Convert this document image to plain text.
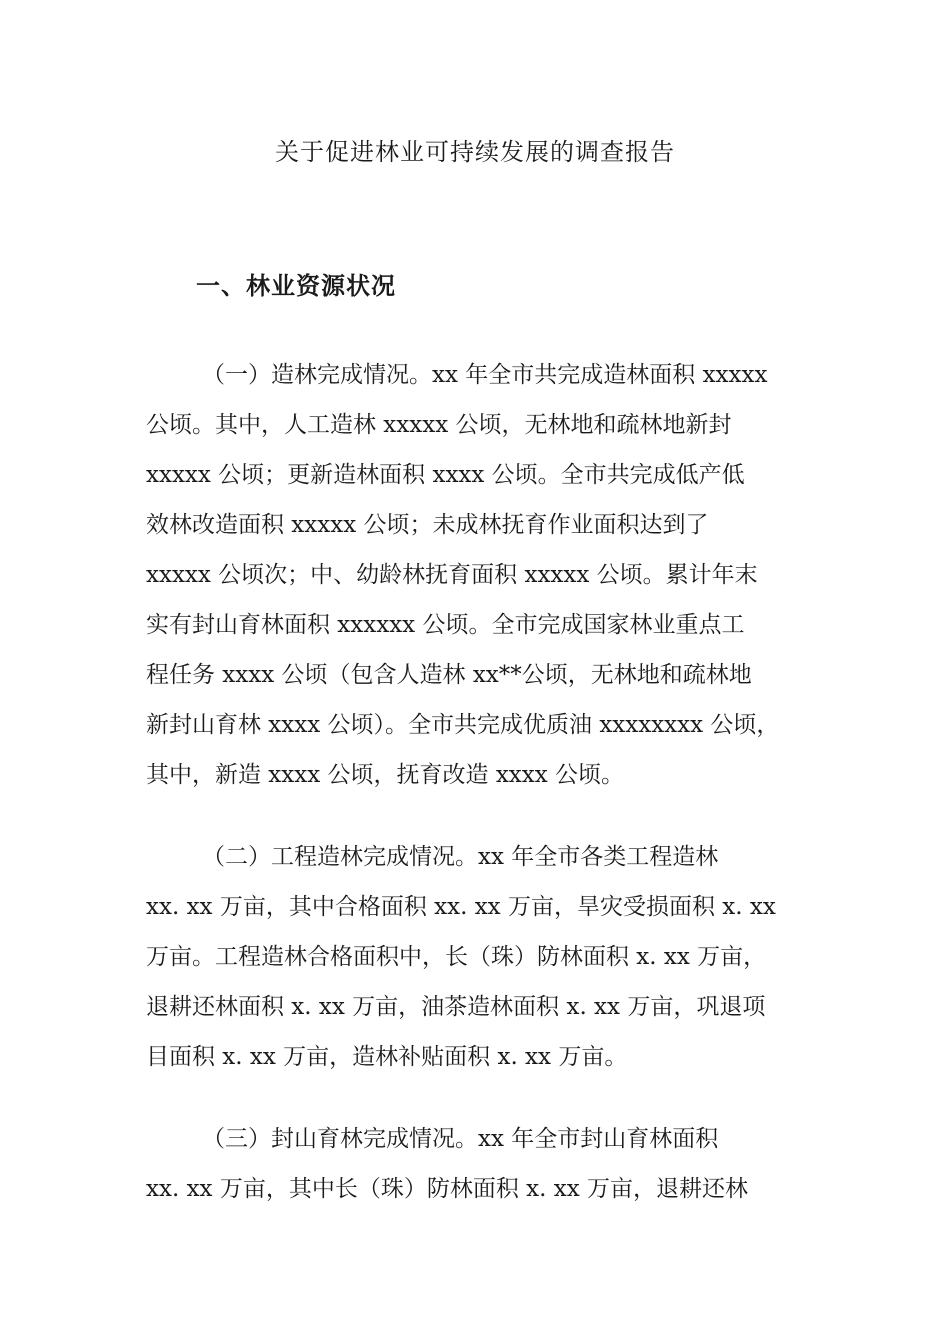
关于促进林业可持续发展的调查报告
一、林业资源状况
（一）造林完成情况。xx 年全市共完成造林面积 xxxxx
公顷。其中，人工造林 xxxxx 公顷，无林地和疏林地新封
xxxxx 公顷；更新造林面积 xxxx 公顷。全市共完成低产低
效林改造面积 xxxxx 公顷；未成林抚育作业面积达到了
xxxxx 公顷次；中、幼龄林抚育面积 xxxxx 公顷。累计年末
实有封山育林面积 xxxxxx 公顷。全市完成国家林业重点工
程任务 xxxx 公顷（包含人造林 xx**公顷，无林地和疏林地
新封山育林 xxxx 公顷）。全市共完成优质油 xxxxxxxx 公顷，
其中，新造 xxxx 公顷，抚育改造 xxxx 公顷。
（二）工程造林完成情况。xx 年全市各类工程造林
xx. xx 万亩，其中合格面积 xx. xx 万亩，旱灾受损面积 x. xx
万亩。工程造林合格面积中，长（珠）防林面积 x. xx 万亩，
退耕还林面积 x. xx 万亩，油茶造林面积 x. xx 万亩，巩退项
目面积 x. xx 万亩，造林补贴面积 x. xx 万亩。
（三）封山育林完成情况。xx 年全市封山育林面积
xx. xx 万亩，其中长（珠）防林面积 x. xx 万亩，退耕还林
